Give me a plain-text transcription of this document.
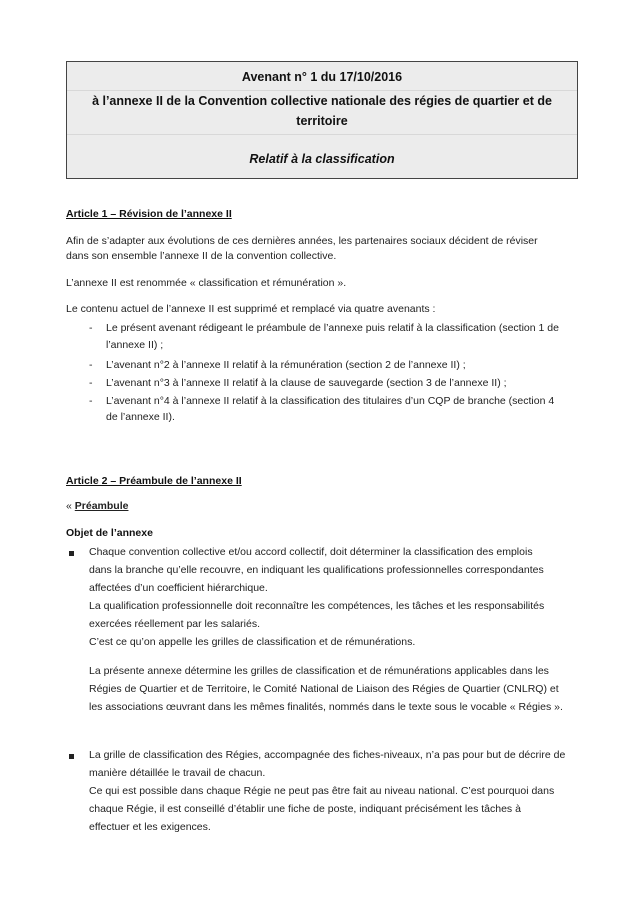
Avenant n° 1 du 17/10/2016
à l’annexe II de la Convention collective nationale des régies de quartier et de
territoire
Relatif à la classification
Article 1 – Révision de l’annexe II
Afin de s’adapter aux évolutions de ces dernières années, les partenaires sociaux décident de réviser
dans son ensemble l’annexe II de la convention collective.
L’annexe II est renommée « classification et rémunération ».
Le contenu actuel de l’annexe II est supprimé et remplacé via quatre avenants :
- Le présent avenant rédigeant le préambule de l’annexe puis relatif à la classification (section 1 de
l’annexe II) ;
- L’avenant n°2 à l’annexe II relatif à la rémunération (section 2 de l’annexe II) ;
- L’avenant n°3 à l’annexe II relatif à la clause de sauvegarde (section 3 de l’annexe II) ;
- L’avenant n°4 à l’annexe II relatif à la classification des titulaires d’un CQP de branche (section 4
de l’annexe II).
Article 2 – Préambule de l’annexe II
« Préambule
Objet de l’annexe
Chaque convention collective et/ou accord collectif, doit déterminer la classification des emplois
dans la branche qu’elle recouvre, en indiquant les qualifications professionnelles correspondantes
affectées d’un coefficient hiérarchique.
La qualification professionnelle doit reconnaître les compétences, les tâches et les responsabilités
exercées réellement par les salariés.
C’est ce qu’on appelle les grilles de classification et de rémunérations.
La présente annexe détermine les grilles de classification et de rémunérations applicables dans les
Régies de Quartier et de Territoire, le Comité National de Liaison des Régies de Quartier (CNLRQ) et
les associations œuvrant dans les mêmes finalités, nommés dans le texte sous le vocable « Régies ».
La grille de classification des Régies, accompagnée des fiches-niveaux, n’a pas pour but de décrire de
manière détaillée le travail de chacun.
Ce qui est possible dans chaque Régie ne peut pas être fait au niveau national. C’est pourquoi dans
chaque Régie, il est conseillé d’établir une fiche de poste, indiquant précisément les tâches à
effectuer et les exigences.
